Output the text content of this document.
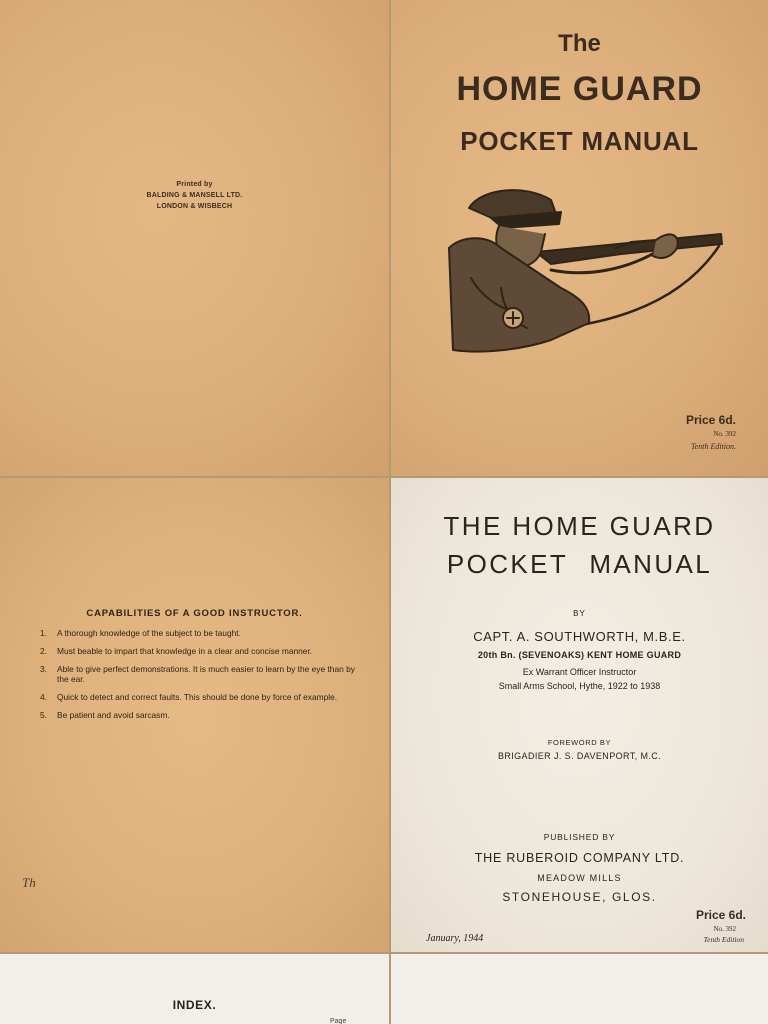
Printed by
BALDING & MANSELL LTD.
LONDON & WISBECH
The
HOME GUARD
POCKET MANUAL
Price 6d.
No. 392
Tenth Edition.
CAPABILITIES OF A GOOD INSTRUCTOR.
1. A thorough knowledge of the subject to be taught.
2. Must beable to impart that knowledge in a clear and concise manner.
3. Able to give perfect demonstrations. It is much easier to learn by the eye than by the ear.
4. Quick to detect and correct faults. This should be done by force of example.
5. Be patient and avoid sarcasm.
Th
THE HOME GUARD
POCKET MANUAL
BY
CAPT. A. SOUTHWORTH, M.B.E.
20th Bn. (SEVENOAKS) KENT HOME GUARD
Ex Warrant Officer Instructor
Small Arms School, Hythe, 1922 to 1938
FOREWORD BY
BRIGADIER J. S. DAVENPORT, M.C.
PUBLISHED BY
THE RUBEROID COMPANY LTD.
MEADOW MILLS
STONEHOUSE, GLOS.
Price 6d.
No. 392
Tenth Edition
January, 1944
INDEX.
Page
